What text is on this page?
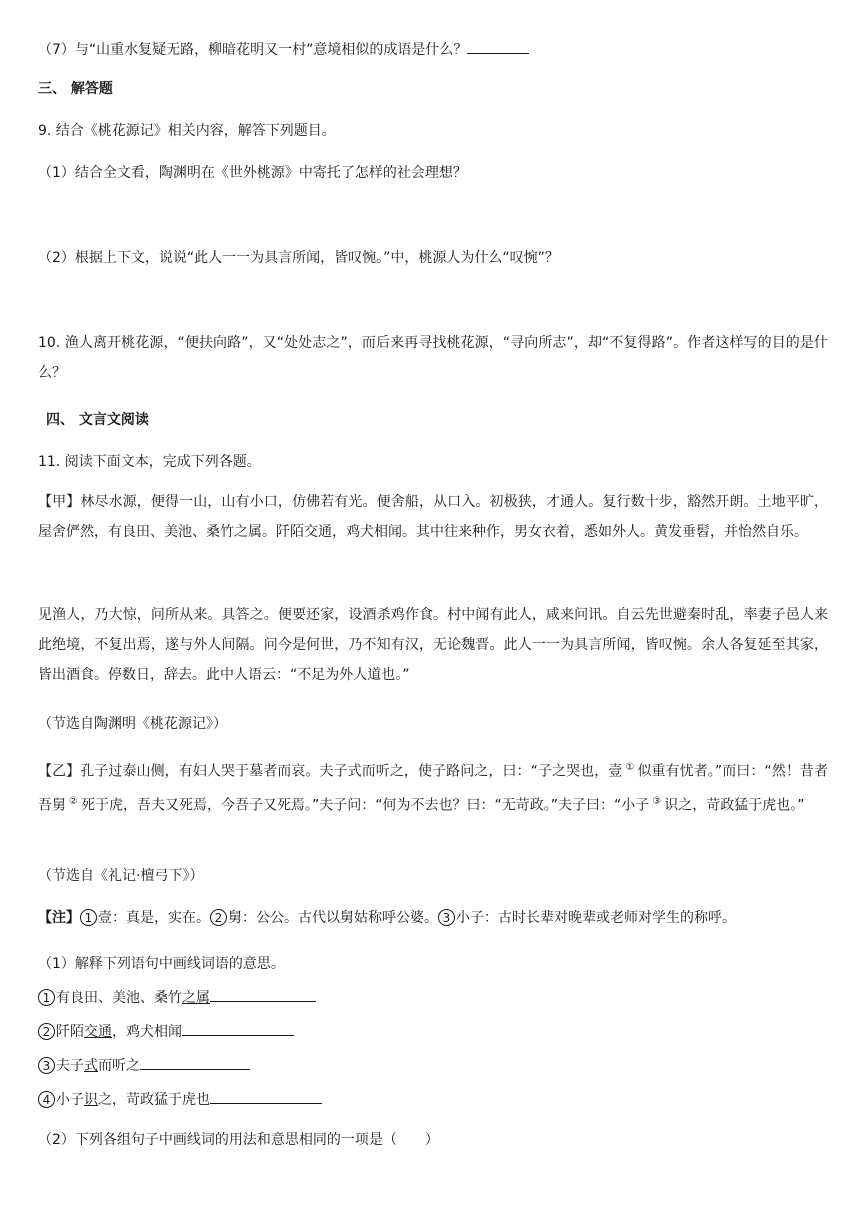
（7）与“山重水复疑无路，柳暗花明又一村”意境相似的成语是什么？
三、 解答题
9. 结合《桃花源记》相关内容，解答下列题目。
（1）结合全文看，陶渊明在《世外桃源》中寄托了怎样的社会理想？
（2）根据上下文，说说“此人一一为具言所闻，皆叹惋。”中，桃源人为什么“叹惋”？
10. 渔人离开桃花源，“便扶向路”，又“处处志之”，而后来再寻找桃花源，“寻向所志”，却“不复得路”。作者这样写的目的是什么？
四、 文言文阅读
11. 阅读下面文本，完成下列各题。
【甲】林尽水源，便得一山，山有小口，仿佛若有光。便舍船，从口入。初极狭，才通人。复行数十步，豁然开朗。土地平旷，屋舍俨然，有良田、美池、桑竹之属。阡陌交通，鸡犬相闻。其中往来种作，男女衣着，悉如外人。黄发垂髫，并怡然自乐。
见渔人，乃大惊，问所从来。具答之。便要还家，设酒杀鸡作食。村中闻有此人，咸来问讯。自云先世避秦时乱，率妻子邑人来此绝境，不复出焉，遂与外人间隔。问今是何世，乃不知有汉，无论魏晋。此人一一为具言所闻，皆叹惋。余人各复延至其家，皆出酒食。停数日，辞去。此中人语云：“不足为外人道也。”
（节选自陶渊明《桃花源记》）
【乙】孔子过泰山侧，有妇人哭于墓者而哀。夫子式而听之，使子路问之，曰：“子之哭也，壹 ① 似重有忧者。”而曰：“然！昔者吾舅 ② 死于虎，吾夫又死焉，今吾子又死焉。”夫子问：“何为不去也？曰：“无苛政。”夫子曰：“小子 ③ 识之，苛政猛于虎也。”
（节选自《礼记·檀弓下》）
【注】 1 壹：真是，实在。 2 舅：公公。古代以舅姑称呼公婆。 3 小子：古时长辈对晚辈或老师对学生的称呼。
（1）解释下列语句中画线词语的意思。
1 有良田、美池、桑竹之属
2 阡陌交通，鸡犬相闻
3 夫子式而听之
4 小子识之，苛政猛于虎也
（2）下列各组句子中画线词的用法和意思相同的一项是（　　）
